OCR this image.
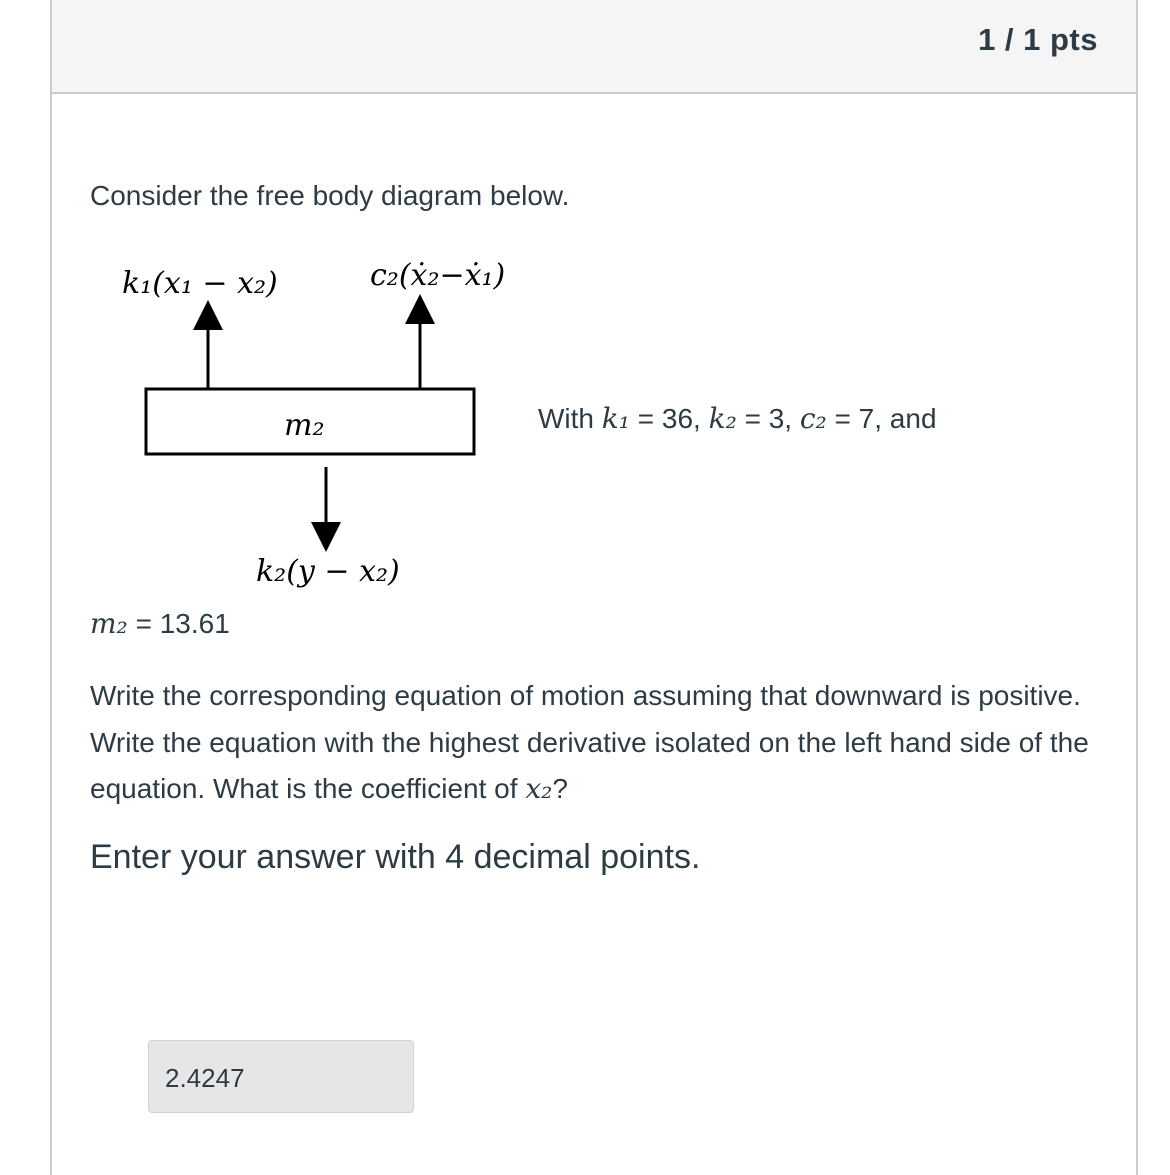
1 / 1 pts
Consider the free body diagram below.
k₁(x₁ − x₂)	c₂(ẋ₂−ẋ₁)
m₂
k₂(y − x₂)
With k₁ = 36, k₂ = 3, c₂ = 7, and
m₂ = 13.61
Write the corresponding equation of motion assuming that downward is positive. Write the equation with the highest derivative isolated on the left hand side of the equation. What is the coefficient of x₂?
Enter your answer with 4 decimal points.
2.4247
